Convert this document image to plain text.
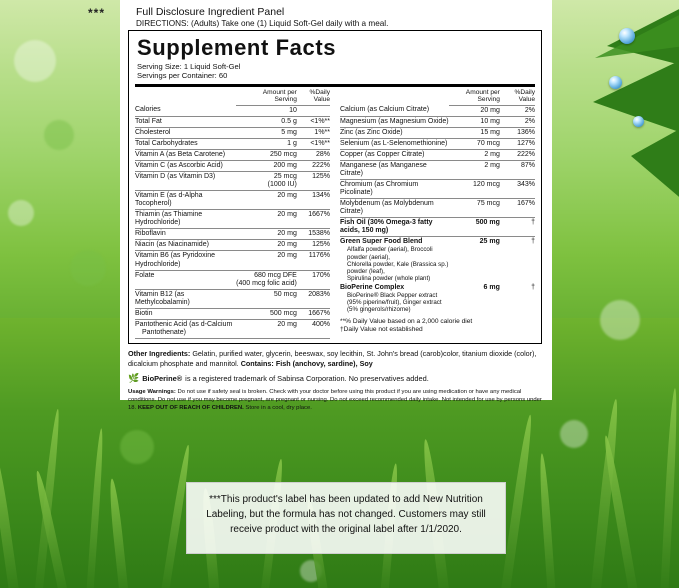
***	Full Disclosure Ingredient Panel
DIRECTIONS: (Adults) Take one (1) Liquid Soft-Gel daily with a meal.
Supplement Facts
Serving Size: 1 Liquid Soft-Gel
Servings per Container: 60

Amount per
Serving

%Daily
Value

Calories	10	
Total Fat	0.5 g	<1%**
Cholesterol	5 mg	1%**
Total Carbohydrates	1 g	<1%**
Vitamin A (as Beta Carotene)	250 mcg	28%
Vitamin C (as Ascorbic Acid)	200 mg	222%
Vitamin D (as Vitamin D3)	25 mcg
(1000 IU)	125%
Vitamin E (as d-Alpha Tocopherol)	20 mg	134%
Thiamin (as Thiamine Hydrochloride)	20 mg	1667%
Riboflavin	20 mg	1538%
Niacin (as Niacinamide)	20 mg	125%
Vitamin B6 (as Pyridoxine Hydrochloride)	20 mg	1176%
Folate	680 mcg DFE
(400 mcg folic acid)	170%
Vitamin B12 (as Methylcobalamin)	50 mcg	2083%
Biotin	500 mcg	1667%
Pantothenic Acid (as d-Calcium
Pantothenate)	20 mg	400%

Amount per
Serving

%Daily
Value

Calcium (as Calcium Citrate)	20 mg	2%
Magnesium (as Magnesium Oxide)	10 mg	2%
Zinc (as Zinc Oxide)	15 mg	136%
Selenium (as L-Selenomethionine)	70 mcg	127%
Copper (as Copper Citrate)	2 mg	222%
Manganese (as Manganese Citrate)	2 mg	87%
Chromium (as Chromium Picolinate)	120 mcg	343%
Molybdenum (as Molybdenum Citrate)	75 mcg	167%
Fish Oil (30% Omega-3 fatty acids, 150 mg)	500 mg	†
Green Super Food Blend
Alfalfa powder (aerial), Broccoli powder (aerial),
Chlorella powder, Kale (Brassica sp.) powder (leaf),
Spirulina powder (whole plant)	25 mg	†
BioPerine Complex
BioPerine® Black Pepper extract
(95% piperine/fruit), Ginger extract
(5% gingerols/rhizome)	6 mg	†
**% Daily Value based on a 2,000 calorie diet
†Daily Value not established
Other Ingredients: Gelatin, purified water, glycerin, beeswax, soy lecithin, St. John's bread (carob)color, titanium dioxide (color), dicalcium phosphate and mannitol. Contains: Fish (anchovy, sardine), Soy
🌿 BioPerine® is a registered trademark of Sabinsa Corporation. No preservatives added.
Usage Warnings: Do not use if safety seal is broken. Check with your doctor before using this product if you are using medication or have any medical conditions. Do not use if you may become pregnant, are pregnant or nursing. Do not exceed recommended daily intake. Not intended for use by persons under 18. KEEP OUT OF REACH OF CHILDREN. Store in a cool, dry place.
***This product's label has been updated to add New Nutrition Labeling, but the formula has not changed. Customers may still receive product with the original label after 1/1/2020.
